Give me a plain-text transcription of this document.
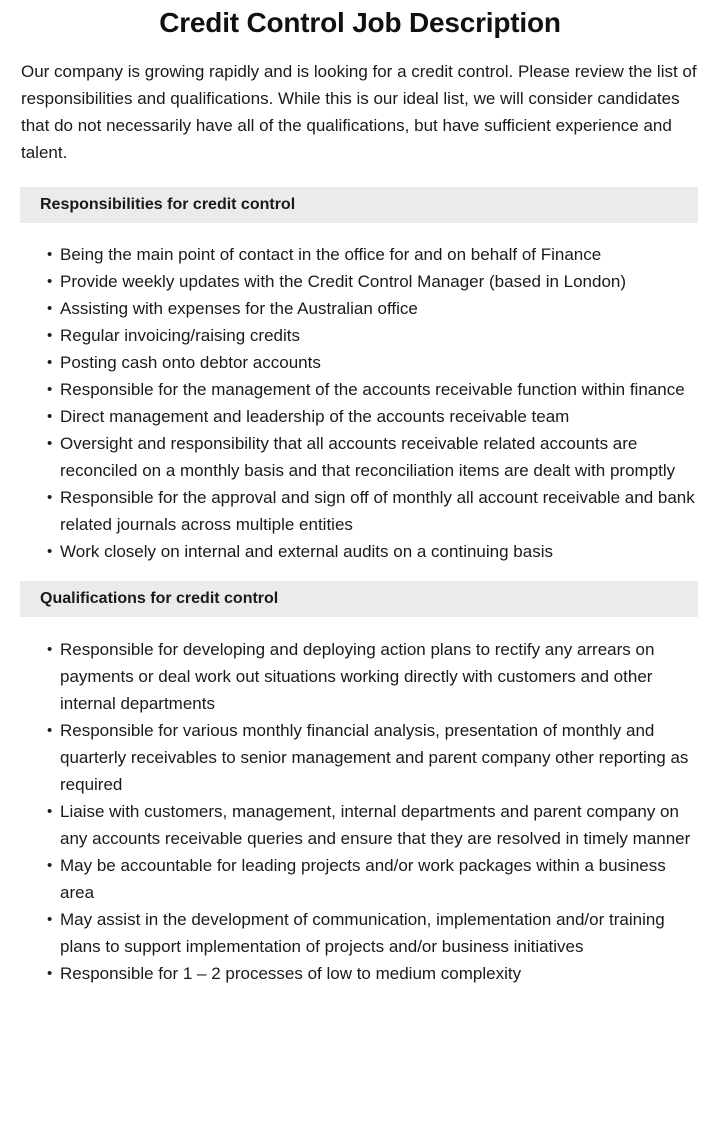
Credit Control Job Description

Our company is growing rapidly and is looking for a credit control. Please review the list of responsibilities and qualifications. While this is our ideal list, we will consider candidates that do not necessarily have all of the qualifications, but have sufficient experience and talent.

Responsibilities for credit control
• Being the main point of contact in the office for and on behalf of Finance
• Provide weekly updates with the Credit Control Manager (based in London)
• Assisting with expenses for the Australian office
• Regular invoicing/raising credits
• Posting cash onto debtor accounts
• Responsible for the management of the accounts receivable function within finance
• Direct management and leadership of the accounts receivable team
• Oversight and responsibility that all accounts receivable related accounts are reconciled on a monthly basis and that reconciliation items are dealt with promptly
• Responsible for the approval and sign off of monthly all account receivable and bank related journals across multiple entities
• Work closely on internal and external audits on a continuing basis
Qualifications for credit control
• Responsible for developing and deploying action plans to rectify any arrears on payments or deal work out situations working directly with customers and other internal departments
• Responsible for various monthly financial analysis, presentation of monthly and quarterly receivables to senior management and parent company other reporting as required
• Liaise with customers, management, internal departments and parent company on any accounts receivable queries and ensure that they are resolved in timely manner
• May be accountable for leading projects and/or work packages within a business area
• May assist in the development of communication, implementation and/or training plans to support implementation of projects and/or business initiatives
• Responsible for 1 – 2 processes of low to medium complexity
